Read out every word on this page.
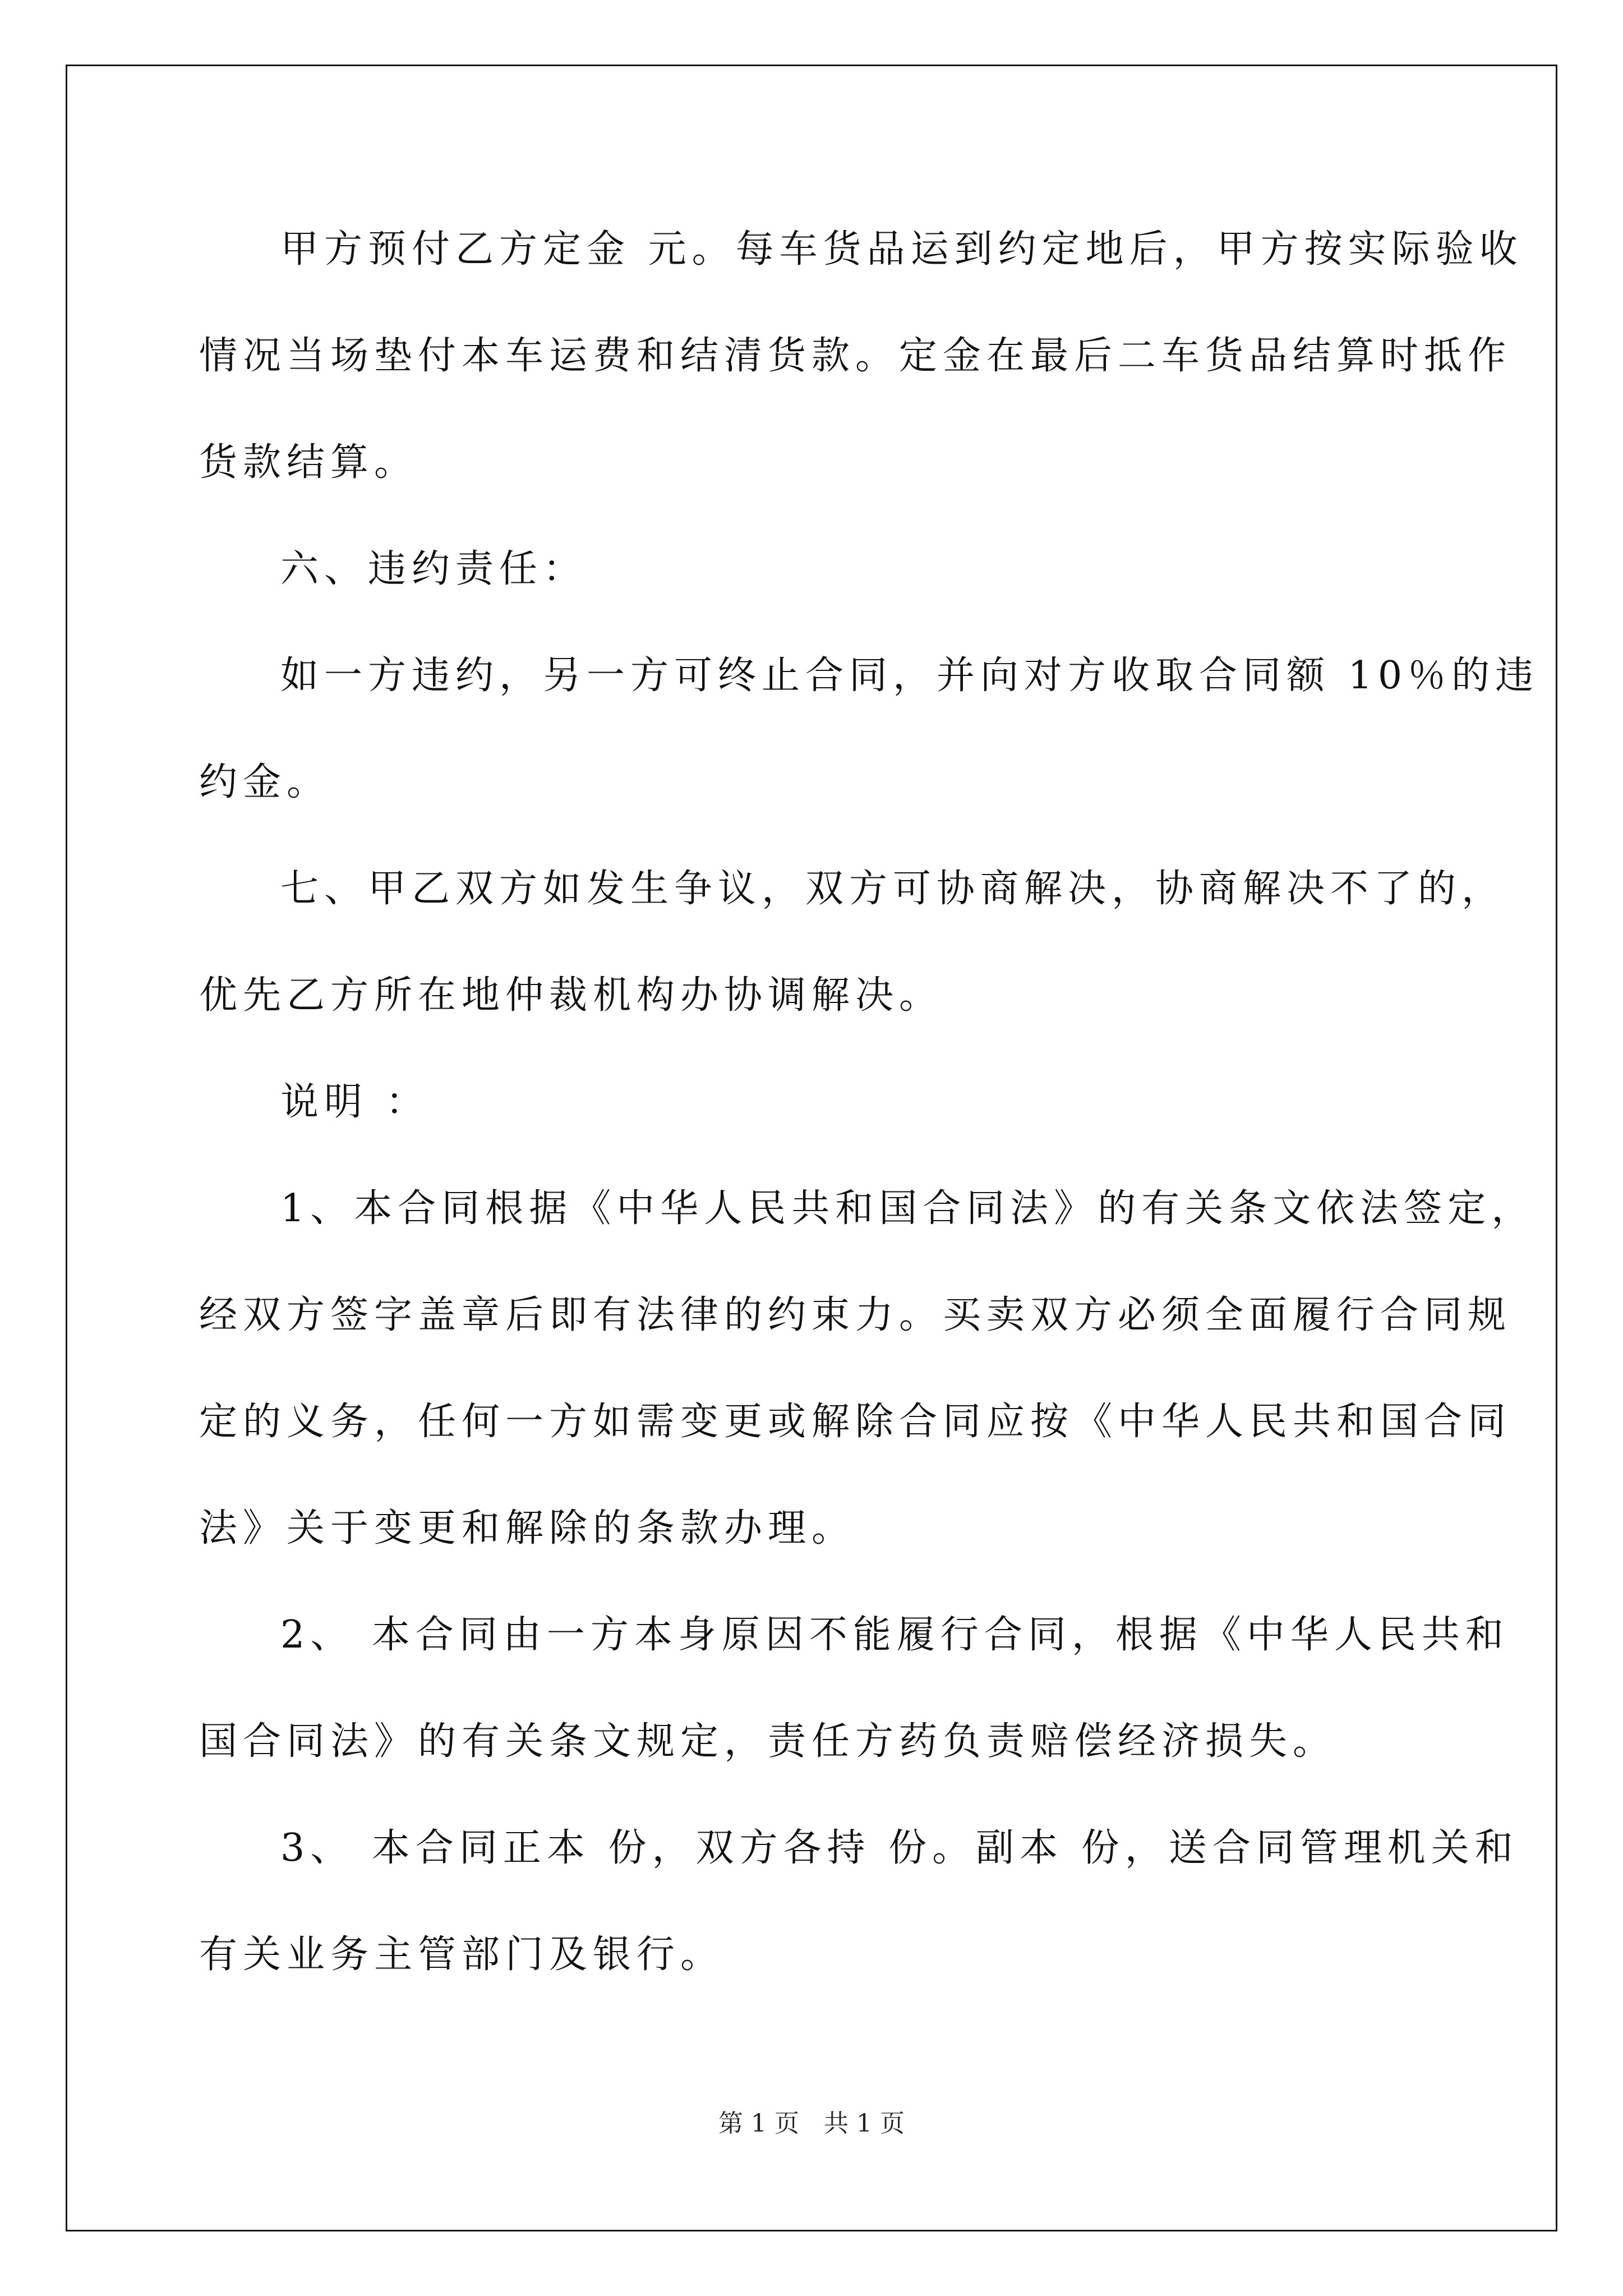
甲方预付乙方定金 元。每车货品运到约定地后，甲方按实际验收
情况当场垫付本车运费和结清货款。定金在最后二车货品结算时抵作
货款结算。
六、违约责任：
如一方违约，另一方可终止合同，并向对方收取合同额 10％的违
约金。
七、甲乙双方如发生争议，双方可协商解决，协商解决不了的，
优先乙方所在地仲裁机构办协调解决。
说明 ：
1、本合同根据《中华人民共和国合同法》的有关条文依法签定，
经双方签字盖章后即有法律的约束力。买卖双方必须全面履行合同规
定的义务，任何一方如需变更或解除合同应按《中华人民共和国合同
法》关于变更和解除的条款办理。
2、 本合同由一方本身原因不能履行合同，根据《中华人民共和
国合同法》的有关条文规定，责任方药负责赔偿经济损失。
3、 本合同正本 份，双方各持 份。副本 份，送合同管理机关和
有关业务主管部门及银行。
第 1 页　共 1 页
